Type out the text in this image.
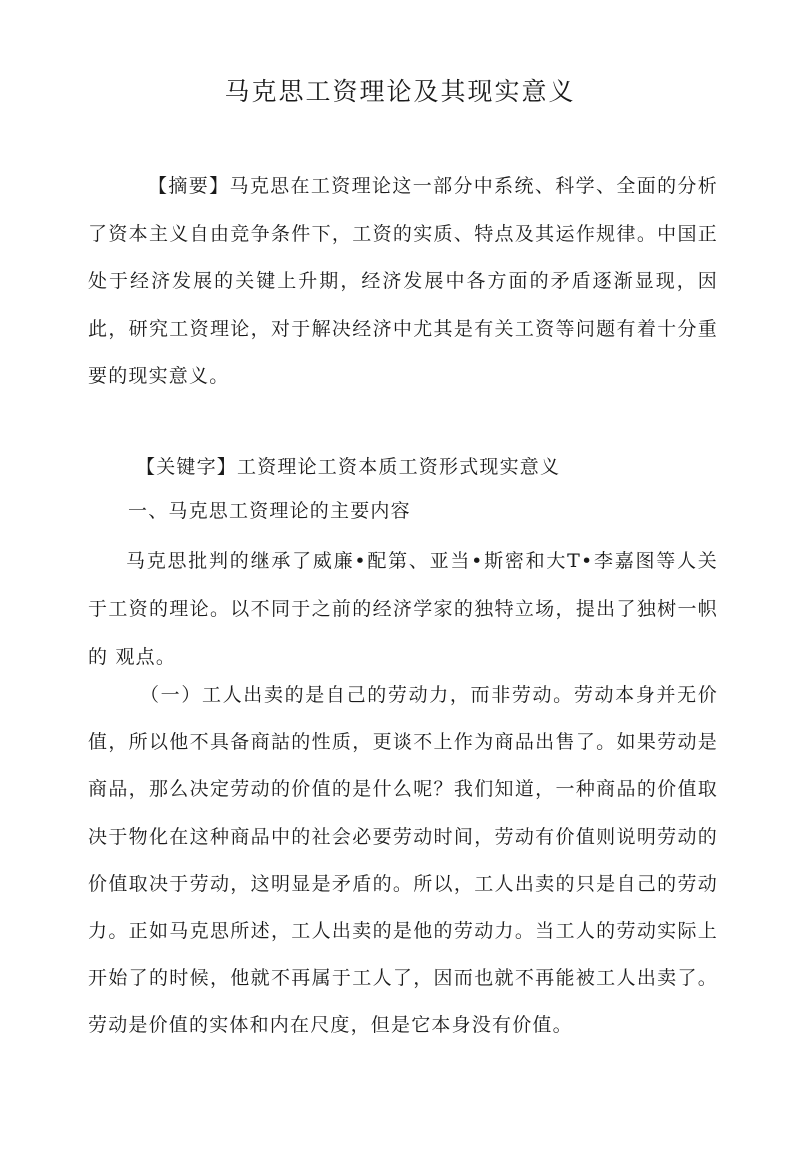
马克思工资理论及其现实意义
【摘要】马克思在工资理论这一部分中系统、科学、全面的分析了资本主义自由竞争条件下，工资的实质、特点及其运作规律。中国正处于经济发展的关键上升期，经济发展中各方面的矛盾逐渐显现，因此，研究工资理论，对于解决经济中尤其是有关工资等问题有着十分重要的现实意义。
【关键字】工资理论工资本质工资形式现实意义
一、马克思工资理论的主要内容
马克思批判的继承了威廉•配第、亚当•斯密和大T•李嘉图等人关 于工资的理论。以不同于之前的经济学家的独特立场，提出了独树一帜的 观点。
（一）工人出卖的是自己的劳动力，而非劳动。劳动本身并无价值，所以他不具备商詁的性质，更谈不上作为商品出售了。如果劳动是商品，那么决定劳动的价值的是什么呢？我们知道，一种商品的价值取决于物化在这种商品中的社会必要劳动时间，劳动有价值则说明劳动的价值取决于劳动，这明显是矛盾的。所以，工人出卖的只是自己的劳动力。正如马克思所述，工人出卖的是他的劳动力。当工人的劳动实际上开始了的时候，他就不再属于工人了，因而也就不再能被工人出卖了。劳动是价值的实体和内在尺度，但是它本身没有价值。
